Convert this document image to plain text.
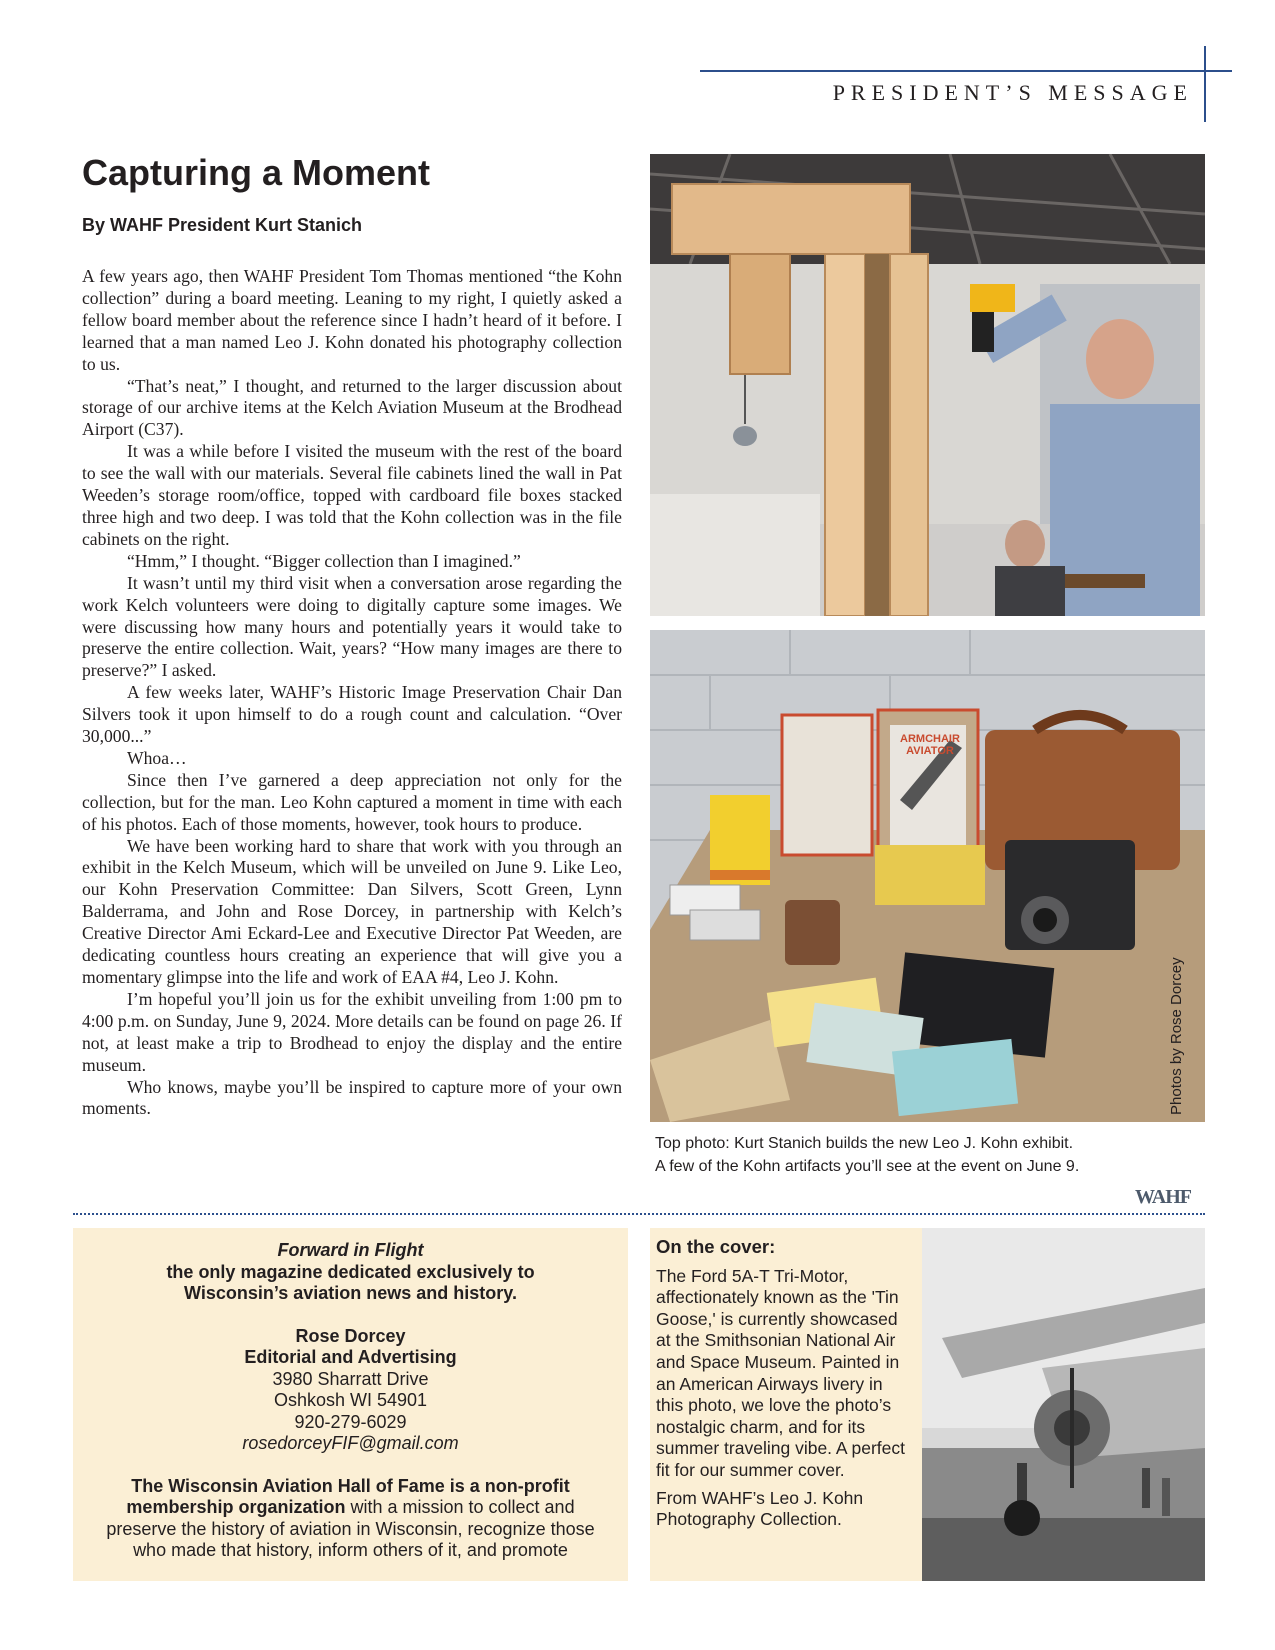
PRESIDENT’S MESSAGE
Capturing a Moment
By WAHF President Kurt Stanich

A few years ago, then WAHF President Tom Thomas mentioned “the Kohn collection” during a board meeting. Leaning to my right, I quietly asked a fellow board member about the reference since I hadn’t heard of it before. I learned that a man named Leo J. Kohn donated his photography collection to us.

“That’s neat,” I thought, and returned to the larger discussion about storage of our archive items at the Kelch Aviation Museum at the Brodhead Airport (C37).

It was a while before I visited the museum with the rest of the board to see the wall with our materials. Several file cabinets lined the wall in Pat Weeden’s storage room/office, topped with cardboard file boxes stacked three high and two deep. I was told that the Kohn collection was in the file cabinets on the right.

“Hmm,” I thought. “Bigger collection than I imagined.”

It wasn’t until my third visit when a conversation arose regarding the work Kelch volunteers were doing to digitally capture some images. We were discussing how many hours and potentially years it would take to preserve the entire collection. Wait, years? “How many images are there to preserve?” I asked.

A few weeks later, WAHF’s Historic Image Preservation Chair Dan Silvers took it upon himself to do a rough count and calculation. “Over 30,000...”

Whoa…

Since then I’ve garnered a deep appreciation not only for the collection, but for the man. Leo Kohn captured a moment in time with each of his photos. Each of those moments, however, took hours to produce.

We have been working hard to share that work with you through an exhibit in the Kelch Museum, which will be unveiled on June 9. Like Leo, our Kohn Preservation Committee: Dan Silvers, Scott Green, Lynn Balderrama, and John and Rose Dorcey, in partnership with Kelch’s Creative Director Ami Eckard-Lee and Executive Director Pat Weeden, are dedicating countless hours creating an experience that will give you a momentary glimpse into the life and work of EAA #4, Leo J. Kohn.

I’m hopeful you’ll join us for the exhibit unveiling from 1:00 pm to 4:00 p.m. on Sunday, June 9, 2024. More details can be found on page 26. If not, at least make a trip to Brodhead to enjoy the display and the entire museum.

Who knows, maybe you’ll be inspired to capture more of your own moments.

ARMCHAIR
AVIATOR
Photos by Rose Dorcey
Top photo: Kurt Stanich builds the new Leo J. Kohn exhibit.
A few of the Kohn artifacts you’ll see at the event on June 9.
WAHF
Forward in Flight
the only magazine dedicated exclusively to
Wisconsin’s aviation news and history.
Rose Dorcey
Editorial and Advertising
3980 Sharratt Drive
Oshkosh WI 54901
920-279-6029
rosedorceyFIF@gmail.com
The Wisconsin Aviation Hall of Fame is a non-profit
membership organization with a mission to collect and
preserve the history of aviation in Wisconsin, recognize those
who made that history, inform others of it, and promote
On the cover:

The Ford 5A-T Tri-Motor, affectionately known as the 'Tin Goose,' is currently showcased at the Smithsonian National Air and Space Museum. Painted in an American Airways livery in this photo, we love the photo’s nostalgic charm, and for its summer traveling vibe. A perfect fit for our summer cover.

From WAHF’s Leo J. Kohn Photography Collection.
